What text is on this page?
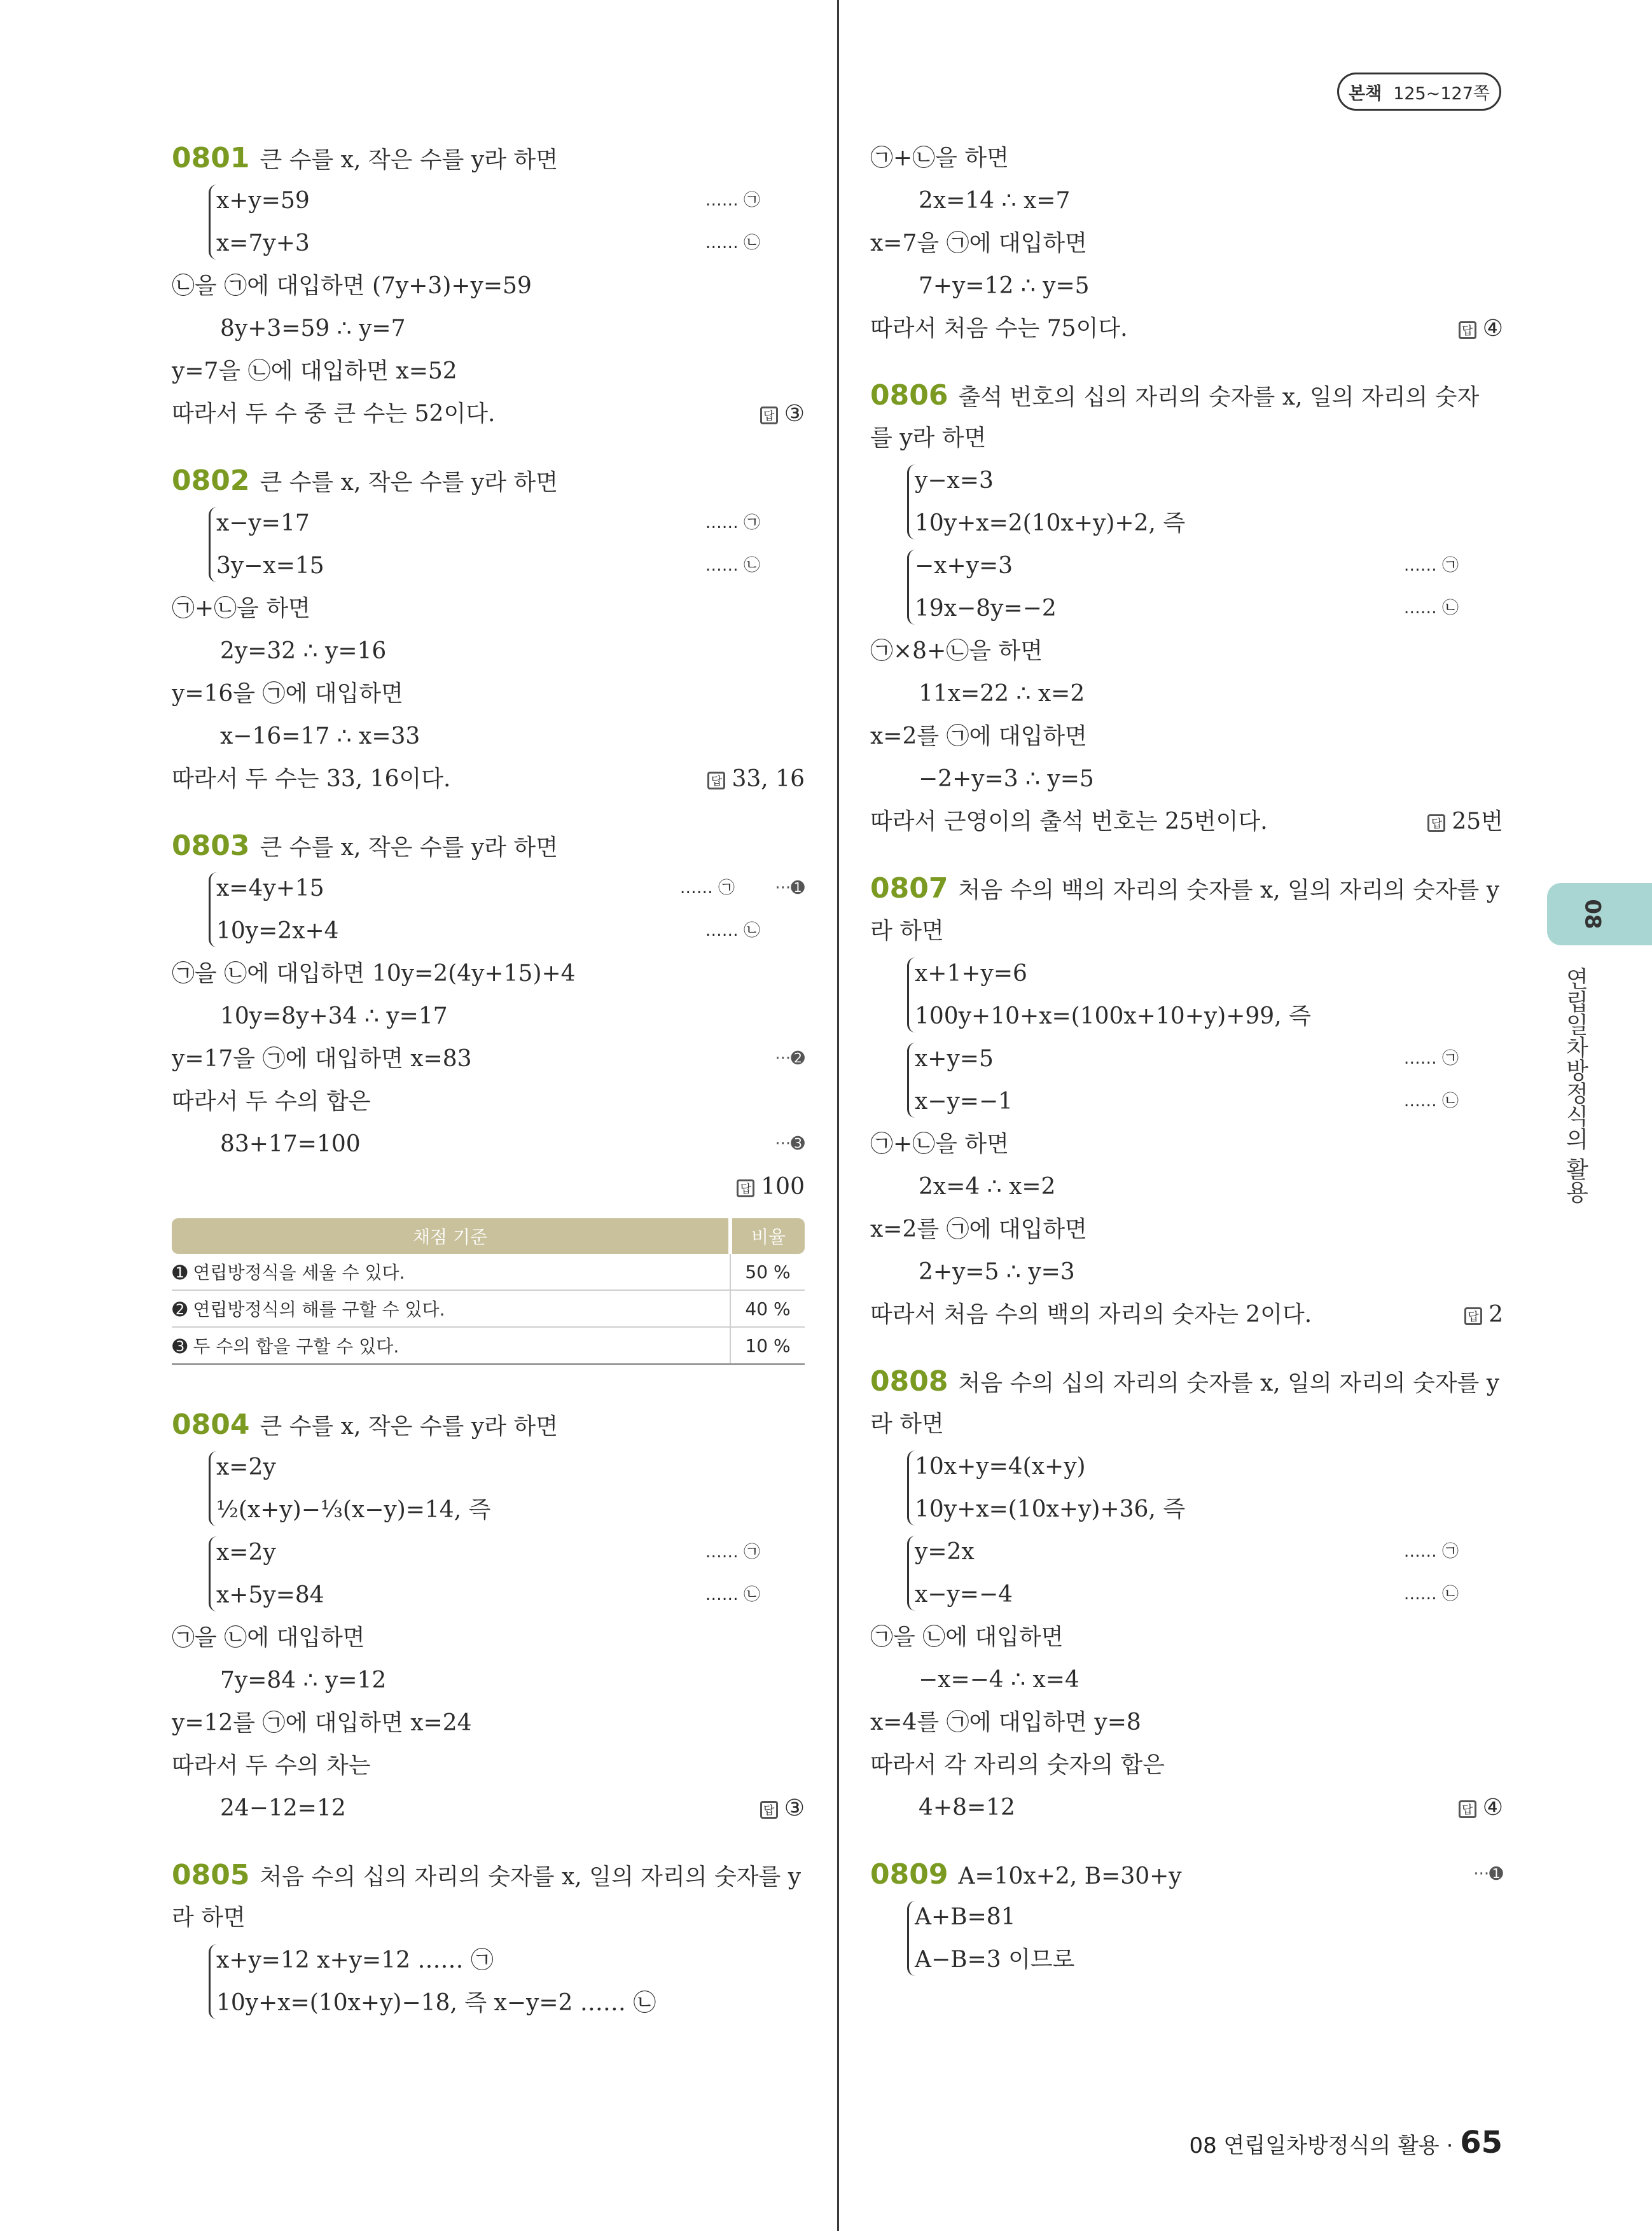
본책 125~127쪽
0801 큰 수를 x, 작은 수를 y라 하면
x+y=59	…… ㉠
x=7y+3	…… ㉡
㉡을 ㉠에 대입하면 (7y+3)+y=59
8y+3=59 ∴ y=7
y=7을 ㉡에 대입하면 x=52
따라서 두 수 중 큰 수는 52이다.	답 ③
0802 큰 수를 x, 작은 수를 y라 하면
x−y=17	…… ㉠
3y−x=15	…… ㉡
㉠+㉡을 하면
2y=32 ∴ y=16
y=16을 ㉠에 대입하면
x−16=17 ∴ x=33
따라서 두 수는 33, 16이다.	답 33, 16
0803 큰 수를 x, 작은 수를 y라 하면
x=4y+15	…… ㉠ ···➊
10y=2x+4	…… ㉡
㉠을 ㉡에 대입하면 10y=2(4y+15)+4
10y=8y+34 ∴ y=17
y=17을 ㉠에 대입하면 x=83	···➋
따라서 두 수의 합은
83+17=100	···➌
답 100
채점 기준	비율
➊ 연립방정식을 세울 수 있다.	50 %
➋ 연립방정식의 해를 구할 수 있다.	40 %
➌ 두 수의 합을 구할 수 있다.	10 %
0804 큰 수를 x, 작은 수를 y라 하면
x=2y
½(x+y)−⅓(x−y)=14, 즉
x=2y	…… ㉠
x+5y=84	…… ㉡
㉠을 ㉡에 대입하면
7y=84 ∴ y=12
y=12를 ㉠에 대입하면 x=24
따라서 두 수의 차는
24−12=12	답 ③
0805 처음 수의 십의 자리의 숫자를 x, 일의 자리의 숫자를 y
라 하면
x+y=12 x+y=12 …… ㉠
10y+x=(10x+y)−18, 즉 x−y=2 …… ㉡
㉠+㉡을 하면
2x=14 ∴ x=7
x=7을 ㉠에 대입하면
7+y=12 ∴ y=5
따라서 처음 수는 75이다.	답 ④
0806 출석 번호의 십의 자리의 숫자를 x, 일의 자리의 숫자
를 y라 하면
y−x=3
10y+x=2(10x+y)+2, 즉
−x+y=3	…… ㉠
19x−8y=−2	…… ㉡
㉠×8+㉡을 하면
11x=22 ∴ x=2
x=2를 ㉠에 대입하면
−2+y=3 ∴ y=5
따라서 근영이의 출석 번호는 25번이다.	답 25번
0807 처음 수의 백의 자리의 숫자를 x, 일의 자리의 숫자를 y
라 하면
x+1+y=6
100y+10+x=(100x+10+y)+99, 즉
x+y=5	…… ㉠
x−y=−1	…… ㉡
㉠+㉡을 하면
2x=4 ∴ x=2
x=2를 ㉠에 대입하면
2+y=5 ∴ y=3
따라서 처음 수의 백의 자리의 숫자는 2이다.	답 2
0808 처음 수의 십의 자리의 숫자를 x, 일의 자리의 숫자를 y
라 하면
10x+y=4(x+y)
10y+x=(10x+y)+36, 즉
y=2x	…… ㉠
x−y=−4	…… ㉡
㉠을 ㉡에 대입하면
−x=−4 ∴ x=4
x=4를 ㉠에 대입하면 y=8
따라서 각 자리의 숫자의 합은
4+8=12	답 ④
0809 A=10x+2, B=30+y	···➊
A+B=81
A−B=3 이므로
08
연립일차방정식의 활용
08 연립일차방정식의 활용 · 65
